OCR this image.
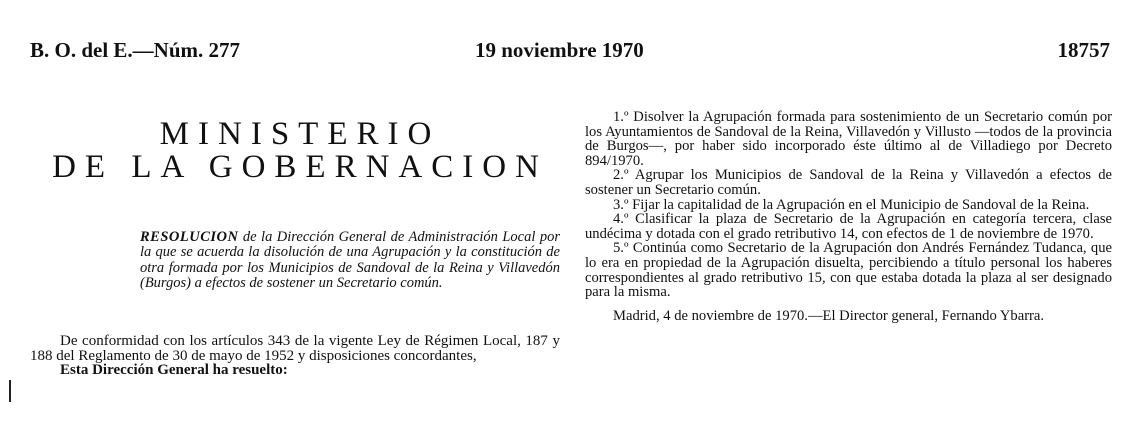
B. O. del E.—Núm. 277	19 noviembre 1970	18757
MINISTERIO
DE LA GOBERNACION
RESOLUCION de la Dirección General de Administración Local por la que se acuerda la disolución de una Agrupación y la constitución de otra formada por los Municipios de Sandoval de la Reina y Villavedón (Burgos) a efectos de sostener un Secretario común.

De conformidad con los artículos 343 de la vigente Ley de Régimen Local, 187 y 188 del Reglamento de 30 de mayo de 1952 y disposiciones concordantes,

Esta Dirección General ha resuelto:

1.º Disolver la Agrupación formada para sostenimiento de un Secretario común por los Ayuntamientos de Sandoval de la Reina, Villavedón y Villusto —todos de la provincia de Burgos—, por haber sido incorporado éste último al de Villadiego por Decreto 894/1970.

2.º Agrupar los Municipios de Sandoval de la Reina y Villavedón a efectos de sostener un Secretario común.

3.º Fijar la capitalidad de la Agrupación en el Municipio de Sandoval de la Reina.

4.º Clasificar la plaza de Secretario de la Agrupación en categoría tercera, clase undécima y dotada con el grado retributivo 14, con efectos de 1 de noviembre de 1970.

5.º Continúa como Secretario de la Agrupación don Andrés Fernández Tudanca, que lo era en propiedad de la Agrupación disuelta, percibiendo a título personal los haberes correspondientes al grado retributivo 15, con que estaba dotada la plaza al ser designado para la misma.

Madrid, 4 de noviembre de 1970.—El Director general, Fernando Ybarra.
